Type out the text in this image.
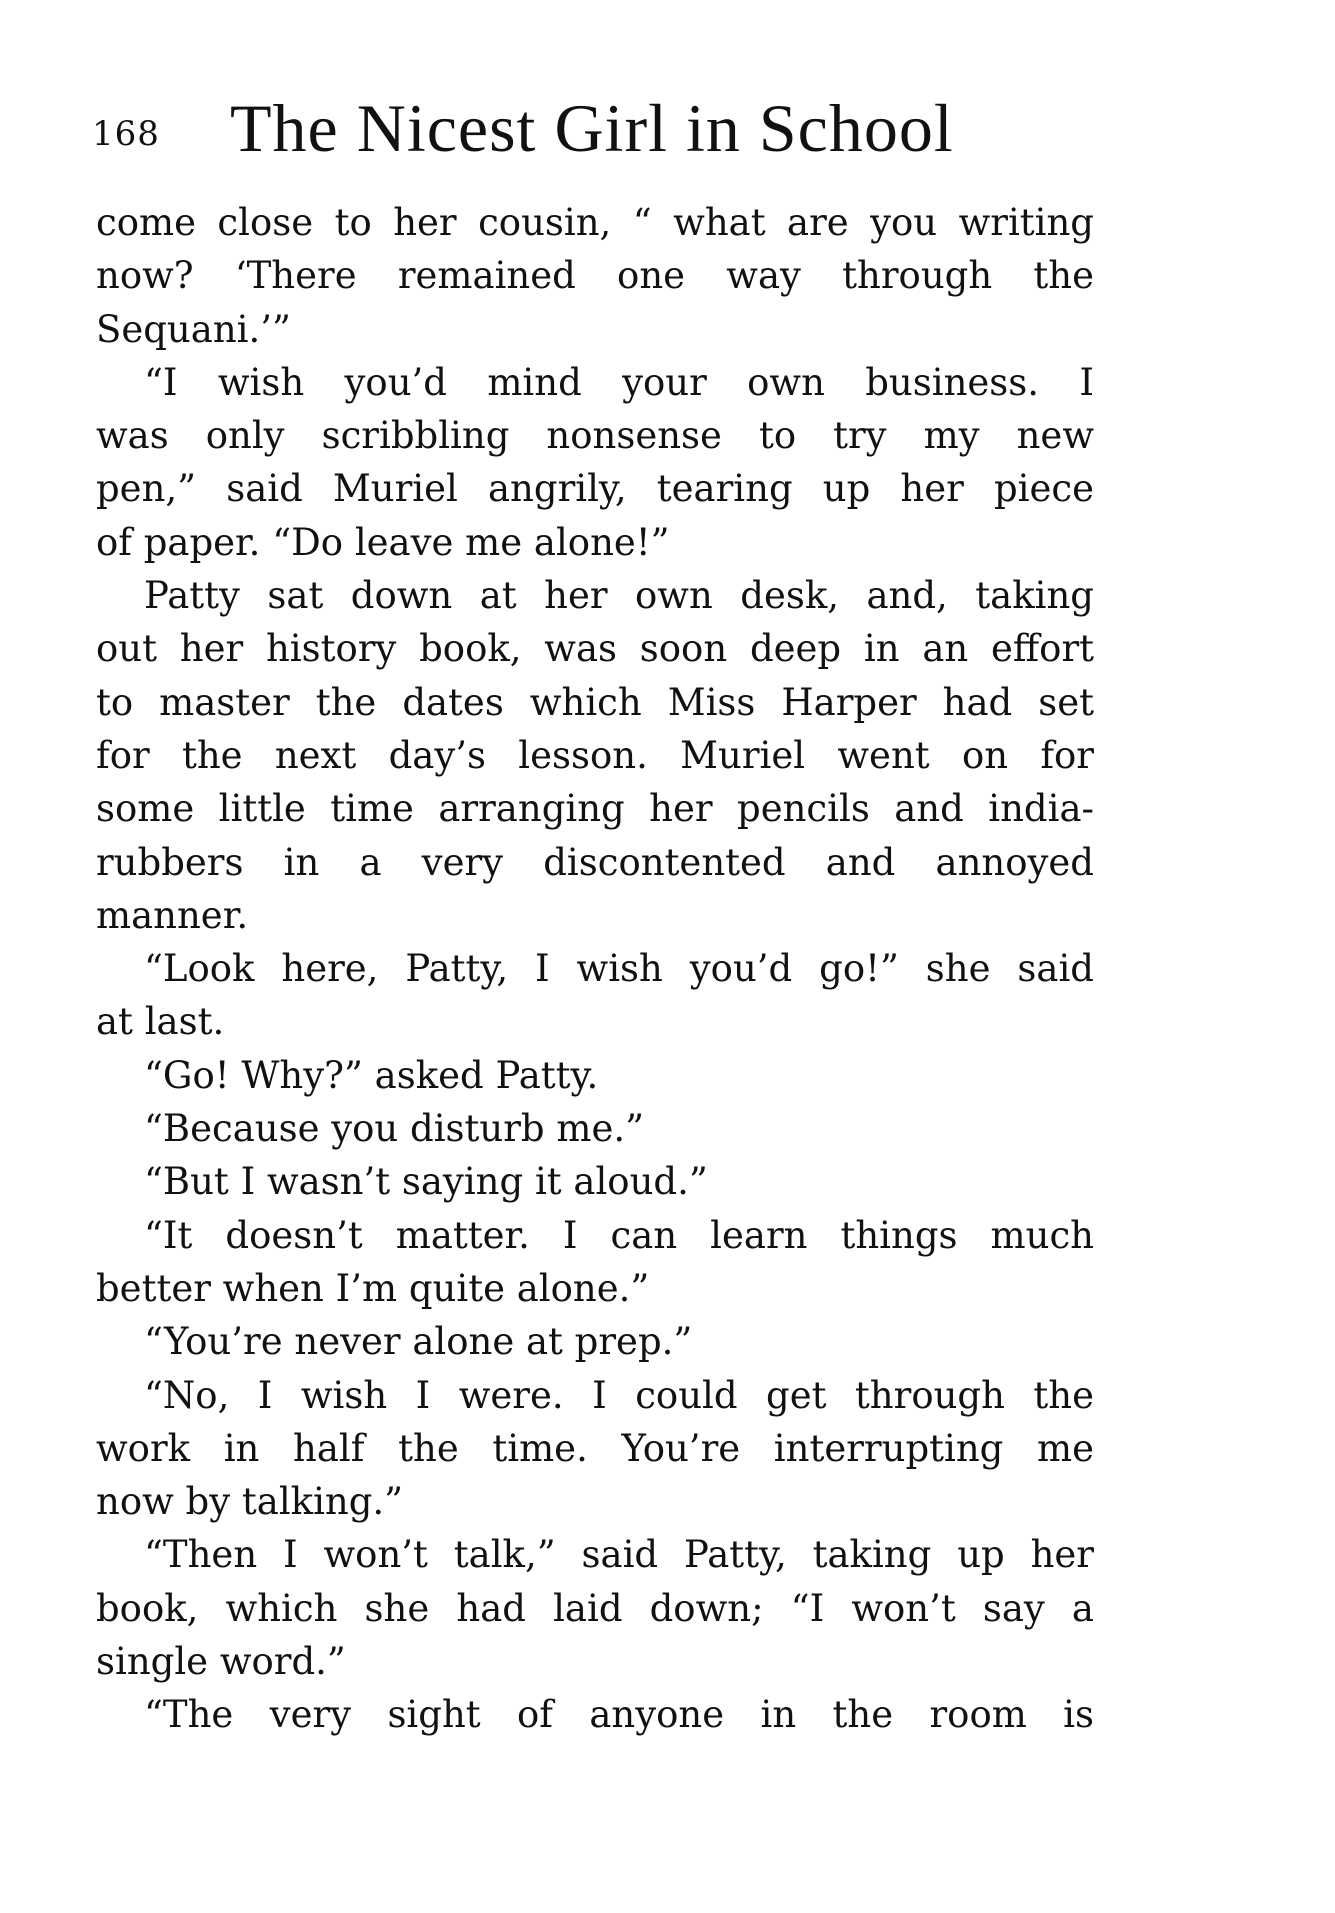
168 The Nicest Girl in School
come close to her cousin, “ what are you writing
now? ‘There remained one way through the
Sequani.’”
“I wish you’d mind your own business. I
was only scribbling nonsense to try my new
pen,” said Muriel angrily, tearing up her piece
of paper. “Do leave me alone!”
Patty sat down at her own desk, and, taking
out her history book, was soon deep in an effort
to master the dates which Miss Harper had set
for the next day’s lesson. Muriel went on for
some little time arranging her pencils and india-
rubbers in a very discontented and annoyed
manner.
“Look here, Patty, I wish you’d go!” she said
at last.
“Go! Why?” asked Patty.
“Because you disturb me.”
“But I wasn’t saying it aloud.”
“It doesn’t matter. I can learn things much
better when I’m quite alone.”
“You’re never alone at prep.”
“No, I wish I were. I could get through the
work in half the time. You’re interrupting me
now by talking.”
“Then I won’t talk,” said Patty, taking up her
book, which she had laid down; “I won’t say a
single word.”
“The very sight of anyone in the room is
